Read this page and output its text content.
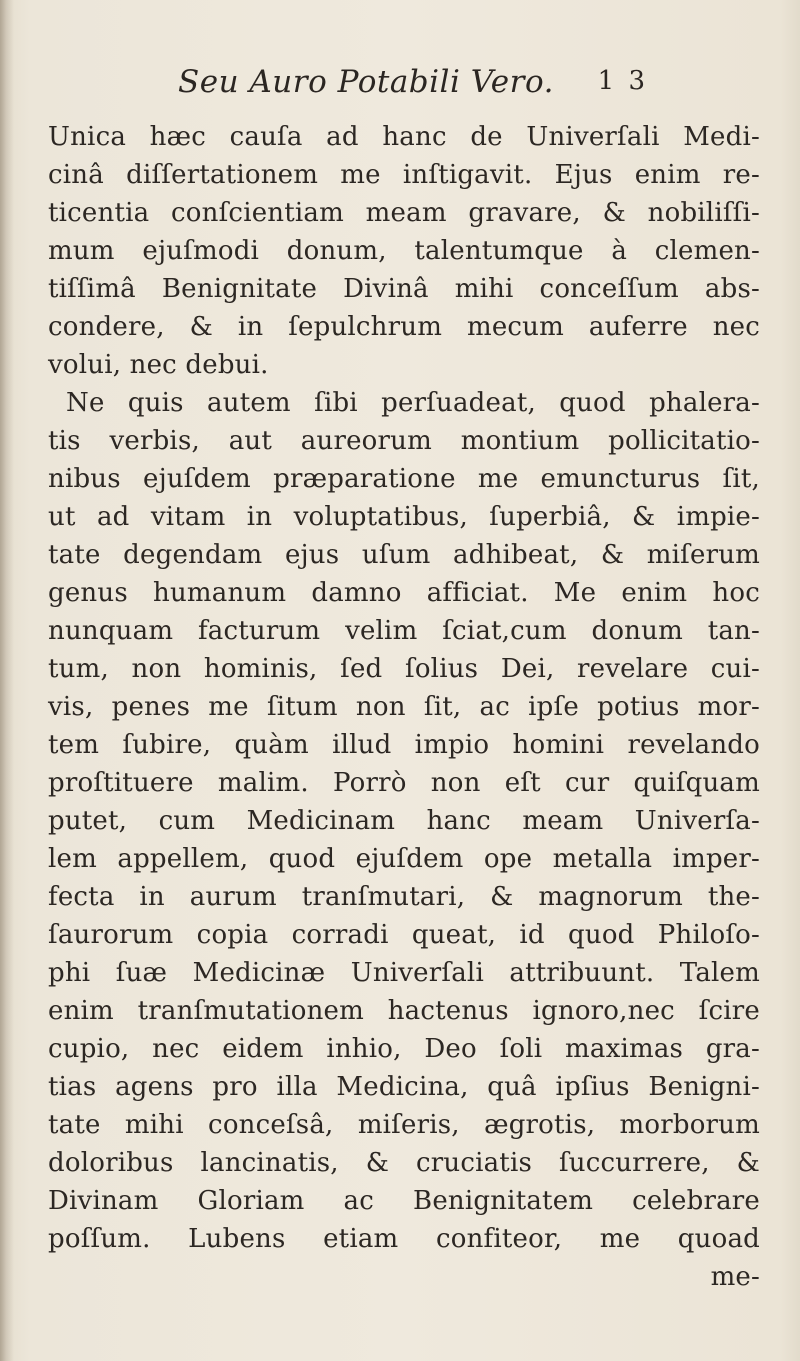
Seu Auro Potabili Vero. 1 3
Unica hæc cauſa ad hanc de Univerſali Medi-
cinâ diſſertationem me inſtigavit. Ejus enim re-
ticentia conſcientiam meam gravare, & nobiliſſi-
mum ejuſmodi donum, talentumque à clemen-
tiſſimâ Benignitate Divinâ mihi conceſſum abs-
condere, & in ſepulchrum mecum auferre nec
volui, nec debui.
Ne quis autem ſibi perſuadeat, quod phalera-
tis verbis, aut aureorum montium pollicitatio-
nibus ejuſdem præparatione me emuncturus ſit,
ut ad vitam in voluptatibus, ſuperbiâ, & impie-
tate degendam ejus uſum adhibeat, & miſerum
genus humanum damno afficiat. Me enim hoc
nunquam facturum velim ſciat,cum donum tan-
tum, non hominis, ſed ſolius Dei, revelare cui-
vis, penes me ſitum non ſit, ac ipſe potius mor-
tem ſubire, quàm illud impio homini revelando
proſtituere malim. Porrò non eſt cur quiſquam
putet, cum Medicinam hanc meam Univerſa-
lem appellem, quod ejuſdem ope metalla imper-
fecta in aurum tranſmutari, & magnorum the-
ſaurorum copia corradi queat, id quod Philoſo-
phi ſuæ Medicinæ Univerſali attribuunt. Talem
enim tranſmutationem hactenus ignoro,nec ſcire
cupio, nec eidem inhio, Deo ſoli maximas gra-
tias agens pro illa Medicina, quâ ipſius Benigni-
tate mihi conceſsâ, miſeris, ægrotis, morborum
doloribus lancinatis, & cruciatis ſuccurrere, &
Divinam Gloriam ac Benignitatem celebrare
poſſum. Lubens etiam confiteor, me quoad
me-
